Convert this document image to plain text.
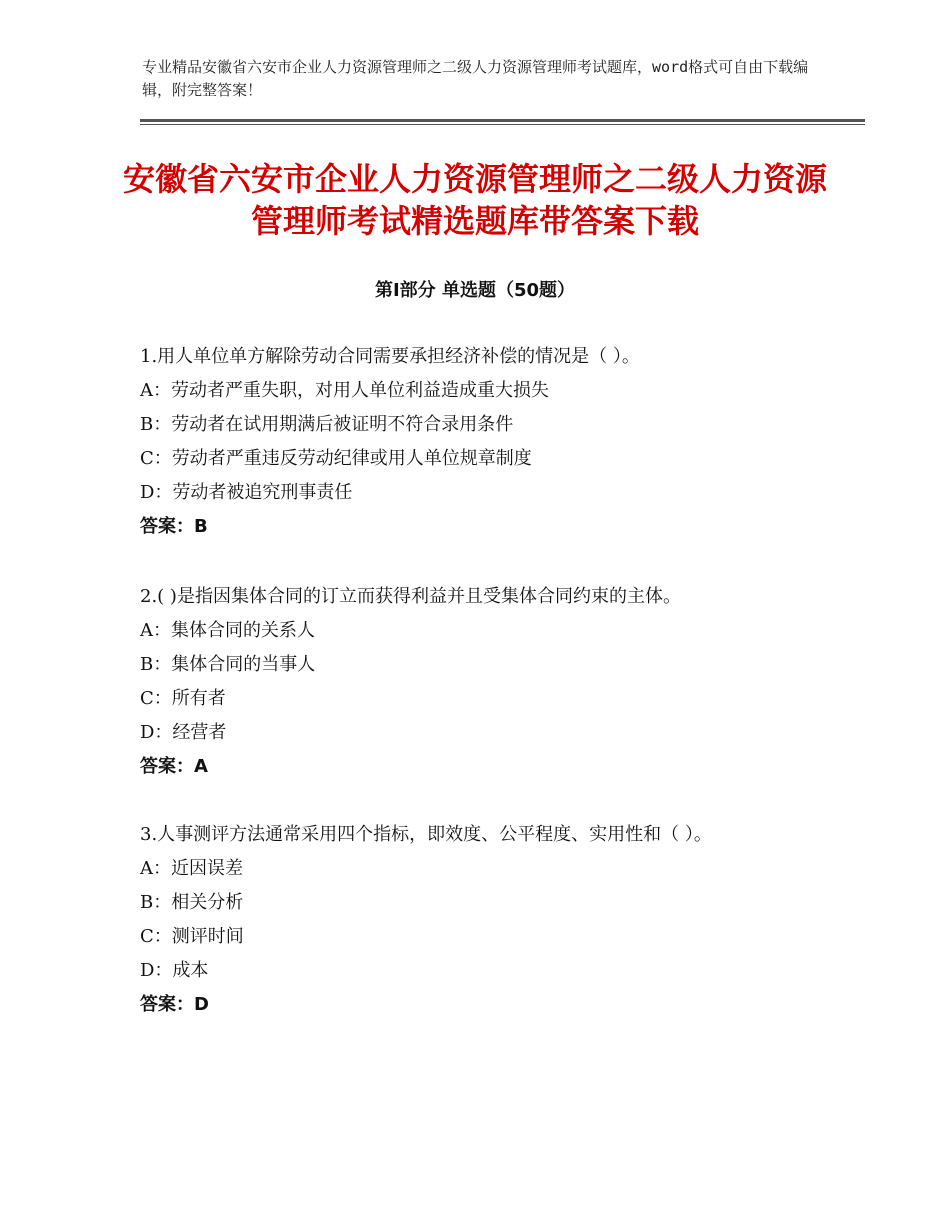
专业精品安徽省六安市企业人力资源管理师之二级人力资源管理师考试题库，word格式可自由下载编辑，附完整答案！
安徽省六安市企业人力资源管理师之二级人力资源管理师考试精选题库带答案下载
第Ⅰ部分 单选题（50题）
1.用人单位单方解除劳动合同需要承担经济补偿的情况是（ ）。
A：劳动者严重失职，对用人单位利益造成重大损失
B：劳动者在试用期满后被证明不符合录用条件
C：劳动者严重违反劳动纪律或用人单位规章制度
D：劳动者被追究刑事责任
答案：B
2.( )是指因集体合同的订立而获得利益并且受集体合同约束的主体。
A：集体合同的关系人
B：集体合同的当事人
C：所有者
D：经营者
答案：A
3.人事测评方法通常采用四个指标，即效度、公平程度、实用性和（ ）。
A：近因误差
B：相关分析
C：测评时间
D：成本
答案：D
